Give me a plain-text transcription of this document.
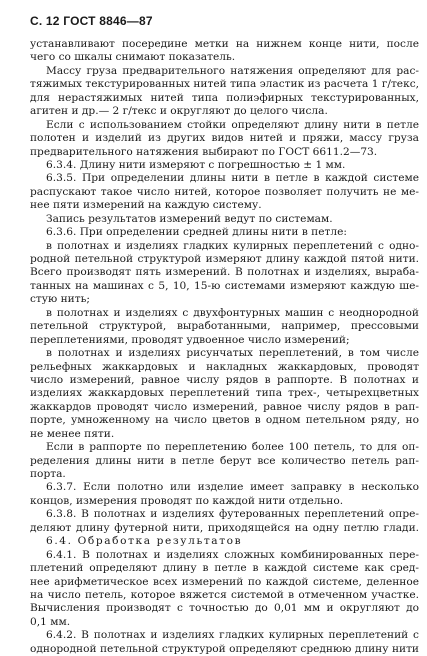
С. 12 ГОСТ 8846—87
устанавливают посередине метки на нижнем конце нити, после
чего со шкалы снимают показатель.
Массу груза предварительного натяжения определяют для рас-
тяжимых текстурированных нитей типа эластик из расчета 1 г/текс,
для нерастяжимых нитей типа полиэфирных текстурированных,
агитен и др.— 2 г/текс и округляют до целого числа.
Если с использованием стойки определяют длину нити в петле
полотен и изделий из других видов нитей и пряжи, массу груза
предварительного натяжения выбирают по ГОСТ 6611.2—73.
6.3.4. Длину нити измеряют с погрешностью ± 1 мм.
6.3.5. При определении длины нити в петле в каждой системе
распускают такое число нитей, которое позволяет получить не ме-
нее пяти измерений на каждую систему.
Запись результатов измерений ведут по системам.
6.3.6. При определении средней длины нити в петле:
в полотнах и изделиях гладких кулирных переплетений с одно-
родной петельной структурой измеряют длину каждой пятой нити.
Всего производят пять измерений. В полотнах и изделиях, выраба-
танных на машинах с 5, 10, 15-ю системами измеряют каждую ше-
стую нить;
в полотнах и изделиях с двухфонтурных машин с неоднородной
петельной структурой, выработанными, например, прессовыми
переплетениями, проводят удвоенное число измерений;
в полотнах и изделиях рисунчатых переплетений, в том числе
рельефных жаккардовых и накладных жаккардовых, проводят
число измерений, равное числу рядов в раппорте. В полотнах и
изделиях жаккардовых переплетений типа трех-, четырехцветных
жаккардов проводят число измерений, равное числу рядов в рап-
порте, умноженному на число цветов в одном петельном ряду, но
не менее пяти.
Если в раппорте по переплетению более 100 петель, то для оп-
ределения длины нити в петле берут все количество петель рап-
порта.
6.3.7. Если полотно или изделие имеет заправку в несколько
концов, измерения проводят по каждой нити отдельно.
6.3.8. В полотнах и изделиях футерованных переплетений опре-
деляют длину футерной нити, приходящейся на одну петлю глади.
6.4. Обработка результатов
6.4.1. В полотнах и изделиях сложных комбинированных пере-
плетений определяют длину в петле в каждой системе как сред-
нее арифметическое всех измерений по каждой системе, деленное
на число петель, которое вяжется системой в отмеченном участке.
Вычисления производят с точностью до 0,01 мм и округляют до
0,1 мм.
6.4.2. В полотнах и изделиях гладких кулирных переплетений с
однородной петельной структурой определяют среднюю длину нити
